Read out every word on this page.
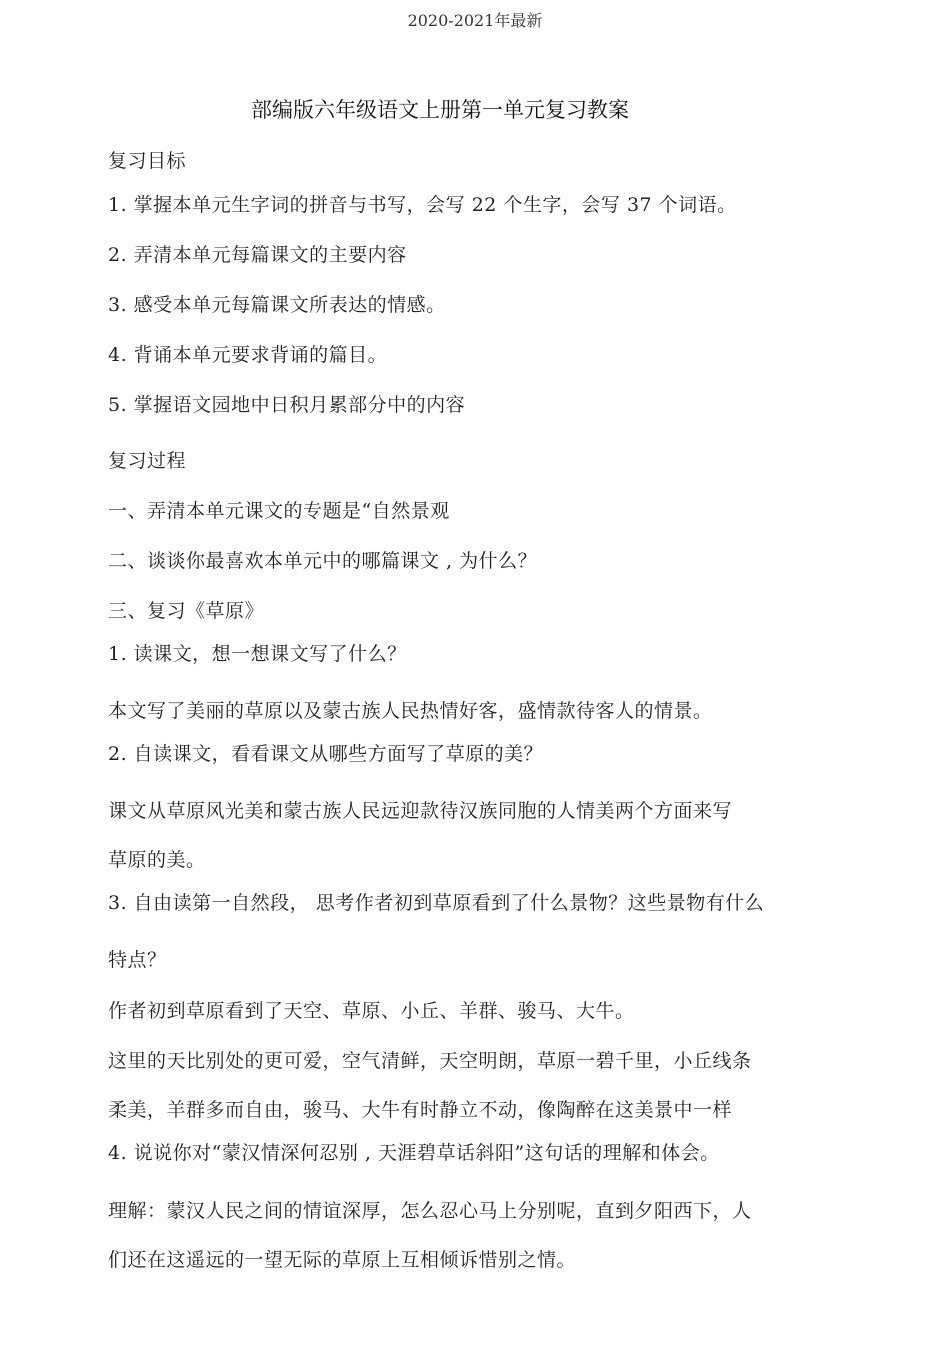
2020-2021年最新
部编版六年级语文上册第一单元复习教案
复习目标
1. 掌握本单元生字词的拼音与书写，会写 22 个生字，会写 37 个词语。
2. 弄清本单元每篇课文的主要内容
3. 感受本单元每篇课文所表达的情感。
4. 背诵本单元要求背诵的篇目。
5. 掌握语文园地中日积月累部分中的内容
复习过程
一、弄清本单元课文的专题是“自然景观
二、谈谈你最喜欢本单元中的哪篇课文 , 为什么？
三、复习《草原》
1. 读课文，想一想课文写了什么？
本文写了美丽的草原以及蒙古族人民热情好客，盛情款待客人的情景。
2. 自读课文，看看课文从哪些方面写了草原的美？
课文从草原风光美和蒙古族人民远迎款待汉族同胞的人情美两个方面来写
草原的美。
3. 自由读第一自然段， 思考作者初到草原看到了什么景物？这些景物有什么
特点？
作者初到草原看到了天空、草原、小丘、羊群、骏马、大牛。
这里的天比别处的更可爱，空气清鲜，天空明朗，草原一碧千里，小丘线条
柔美，羊群多而自由，骏马、大牛有时静立不动，像陶醉在这美景中一样
4. 说说你对“蒙汉情深何忍别 , 天涯碧草话斜阳”这句话的理解和体会。
理解：蒙汉人民之间的情谊深厚，怎么忍心马上分别呢，直到夕阳西下，人
们还在这遥远的一望无际的草原上互相倾诉惜别之情。
